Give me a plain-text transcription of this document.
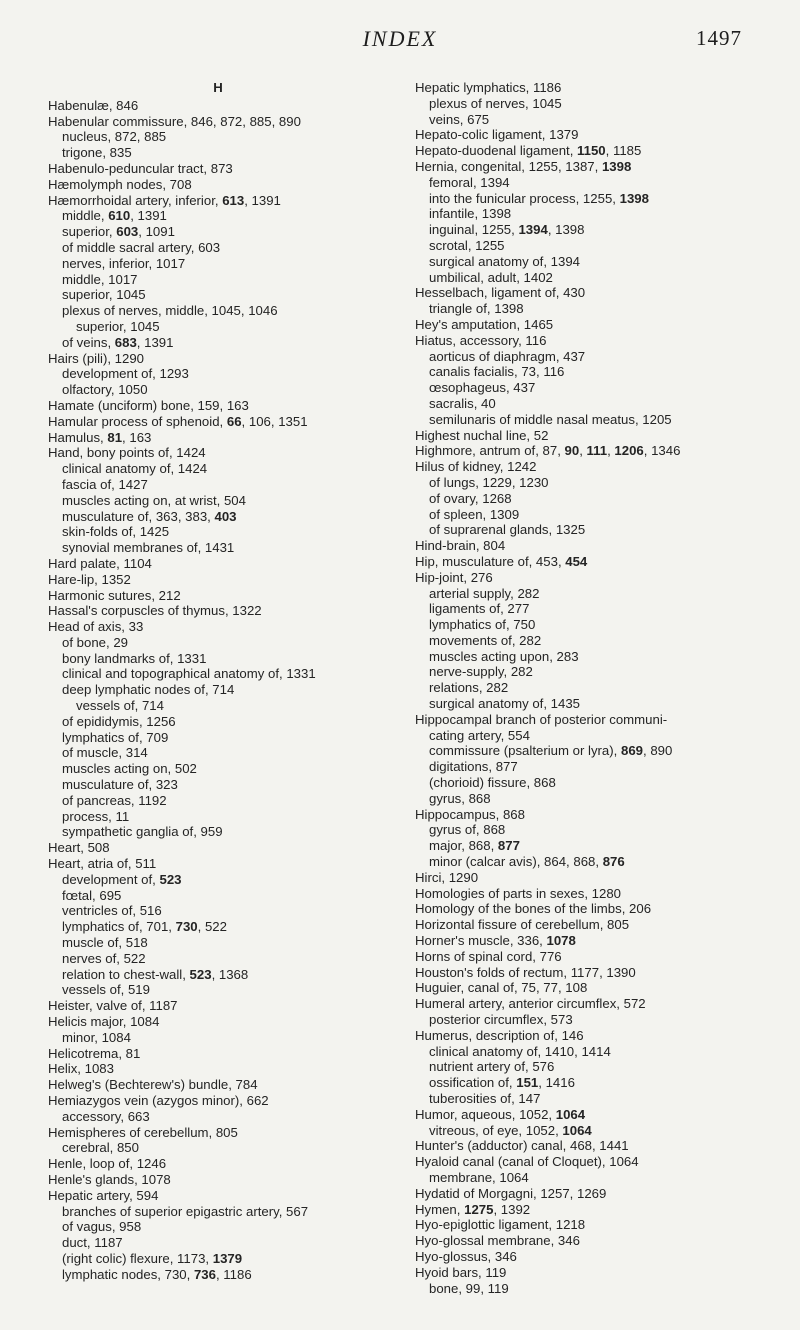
INDEX	1497
H
Habenulæ, 846
Habenular commissure, 846, 872, 885, 890
nucleus, 872, 885
trigone, 835
Habenulo-peduncular tract, 873
Hæmolymph nodes, 708
Hæmorrhoidal artery, inferior, 613, 1391
middle, 610, 1391
superior, 603, 1091
of middle sacral artery, 603
nerves, inferior, 1017
middle, 1017
superior, 1045
plexus of nerves, middle, 1045, 1046
superior, 1045
of veins, 683, 1391
Hairs (pili), 1290
development of, 1293
olfactory, 1050
Hamate (unciform) bone, 159, 163
Hamular process of sphenoid, 66, 106, 1351
Hamulus, 81, 163
Hand, bony points of, 1424
clinical anatomy of, 1424
fascia of, 1427
muscles acting on, at wrist, 504
musculature of, 363, 383, 403
skin-folds of, 1425
synovial membranes of, 1431
Hard palate, 1104
Hare-lip, 1352
Harmonic sutures, 212
Hassal's corpuscles of thymus, 1322
Head of axis, 33
of bone, 29
bony landmarks of, 1331
clinical and topographical anatomy of, 1331
deep lymphatic nodes of, 714
vessels of, 714
of epididymis, 1256
lymphatics of, 709
of muscle, 314
muscles acting on, 502
musculature of, 323
of pancreas, 1192
process, 11
sympathetic ganglia of, 959
Heart, 508
Heart, atria of, 511
development of, 523
fœtal, 695
ventricles of, 516
lymphatics of, 701, 730, 522
muscle of, 518
nerves of, 522
relation to chest-wall, 523, 1368
vessels of, 519
Heister, valve of, 1187
Helicis major, 1084
minor, 1084
Helicotrema, 81
Helix, 1083
Helweg's (Bechterew's) bundle, 784
Hemiazygos vein (azygos minor), 662
accessory, 663
Hemispheres of cerebellum, 805
cerebral, 850
Henle, loop of, 1246
Henle's glands, 1078
Hepatic artery, 594
branches of superior epigastric artery, 567
of vagus, 958
duct, 1187
(right colic) flexure, 1173, 1379
lymphatic nodes, 730, 736, 1186
Hepatic lymphatics, 1186
plexus of nerves, 1045
veins, 675
Hepato-colic ligament, 1379
Hepato-duodenal ligament, 1150, 1185
Hernia, congenital, 1255, 1387, 1398
femoral, 1394
into the funicular process, 1255, 1398
infantile, 1398
inguinal, 1255, 1394, 1398
scrotal, 1255
surgical anatomy of, 1394
umbilical, adult, 1402
Hesselbach, ligament of, 430
triangle of, 1398
Hey's amputation, 1465
Hiatus, accessory, 116
aorticus of diaphragm, 437
canalis facialis, 73, 116
œsophageus, 437
sacralis, 40
semilunaris of middle nasal meatus, 1205
Highest nuchal line, 52
Highmore, antrum of, 87, 90, 111, 1206, 1346
Hilus of kidney, 1242
of lungs, 1229, 1230
of ovary, 1268
of spleen, 1309
of suprarenal glands, 1325
Hind-brain, 804
Hip, musculature of, 453, 454
Hip-joint, 276
arterial supply, 282
ligaments of, 277
lymphatics of, 750
movements of, 282
muscles acting upon, 283
nerve-supply, 282
relations, 282
surgical anatomy of, 1435
Hippocampal branch of posterior communi-
cating artery, 554
commissure (psalterium or lyra), 869, 890
digitations, 877
(chorioid) fissure, 868
gyrus, 868
Hippocampus, 868
gyrus of, 868
major, 868, 877
minor (calcar avis), 864, 868, 876
Hirci, 1290
Homologies of parts in sexes, 1280
Homology of the bones of the limbs, 206
Horizontal fissure of cerebellum, 805
Horner's muscle, 336, 1078
Horns of spinal cord, 776
Houston's folds of rectum, 1177, 1390
Huguier, canal of, 75, 77, 108
Humeral artery, anterior circumflex, 572
posterior circumflex, 573
Humerus, description of, 146
clinical anatomy of, 1410, 1414
nutrient artery of, 576
ossification of, 151, 1416
tuberosities of, 147
Humor, aqueous, 1052, 1064
vitreous, of eye, 1052, 1064
Hunter's (adductor) canal, 468, 1441
Hyaloid canal (canal of Cloquet), 1064
membrane, 1064
Hydatid of Morgagni, 1257, 1269
Hymen, 1275, 1392
Hyo-epiglottic ligament, 1218
Hyo-glossal membrane, 346
Hyo-glossus, 346
Hyoid bars, 119
bone, 99, 119
